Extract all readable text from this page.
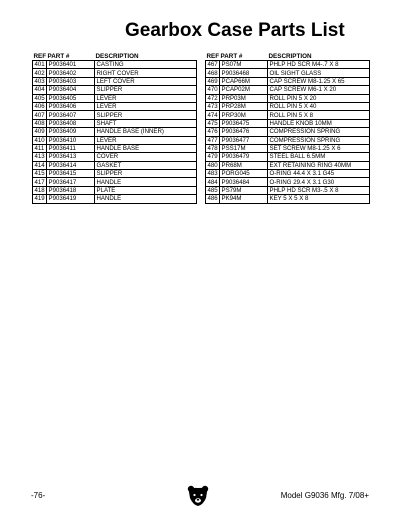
Gearbox Case Parts List
REF	PART #	DESCRIPTION
401	P9036401	CASTING
402	P9036402	RIGHT COVER
403	P9036403	LEFT COVER
404	P9036404	SLIPPER
405	P9036405	LEVER
406	P9036406	LEVER
407	P9036407	SLIPPER
408	P9036408	SHAFT
409	P9036409	HANDLE BASE (INNER)
410	P9036410	LEVER
411	P9036411	HANDLE BASE
413	P9036413	COVER
414	P9036414	GASKET
415	P9036415	SLIPPER
417	P9036417	HANDLE
418	P9036418	PLATE
419	P9036419	HANDLE
REF	PART #	DESCRIPTION
467	PS07M	PHLP HD SCR M4-.7 X 8
468	P9036468	OIL SIGHT GLASS
469	PCAP66M	CAP SCREW M8-1.25 X 65
470	PCAP02M	CAP SCREW M6-1 X 20
472	PRP03M	ROLL PIN 5 X 20
473	PRP28M	ROLL PIN 5 X 40
474	PRP30M	ROLL PIN 5 X 8
475	P9036475	HANDLE KNOB 10MM
476	P9036476	COMPRESSION SPRING
477	P9036477	COMPRESSION SPRING
478	PSS17M	SET SCREW M8-1.25 X 6
479	P9036479	STEEL BALL 6.5MM
480	PR68M	EXT RETAINING RING 40MM
483	PORG045	O-RING 44.4 X 3.1 G45
484	P9036484	O-RING 29.4 X 3.1 G30
485	PS79M	PHLP HD SCR M3-.5 X 8
486	PK94M	KEY 5 X 5 X 8
-76-	Model G9036 Mfg. 7/08+
